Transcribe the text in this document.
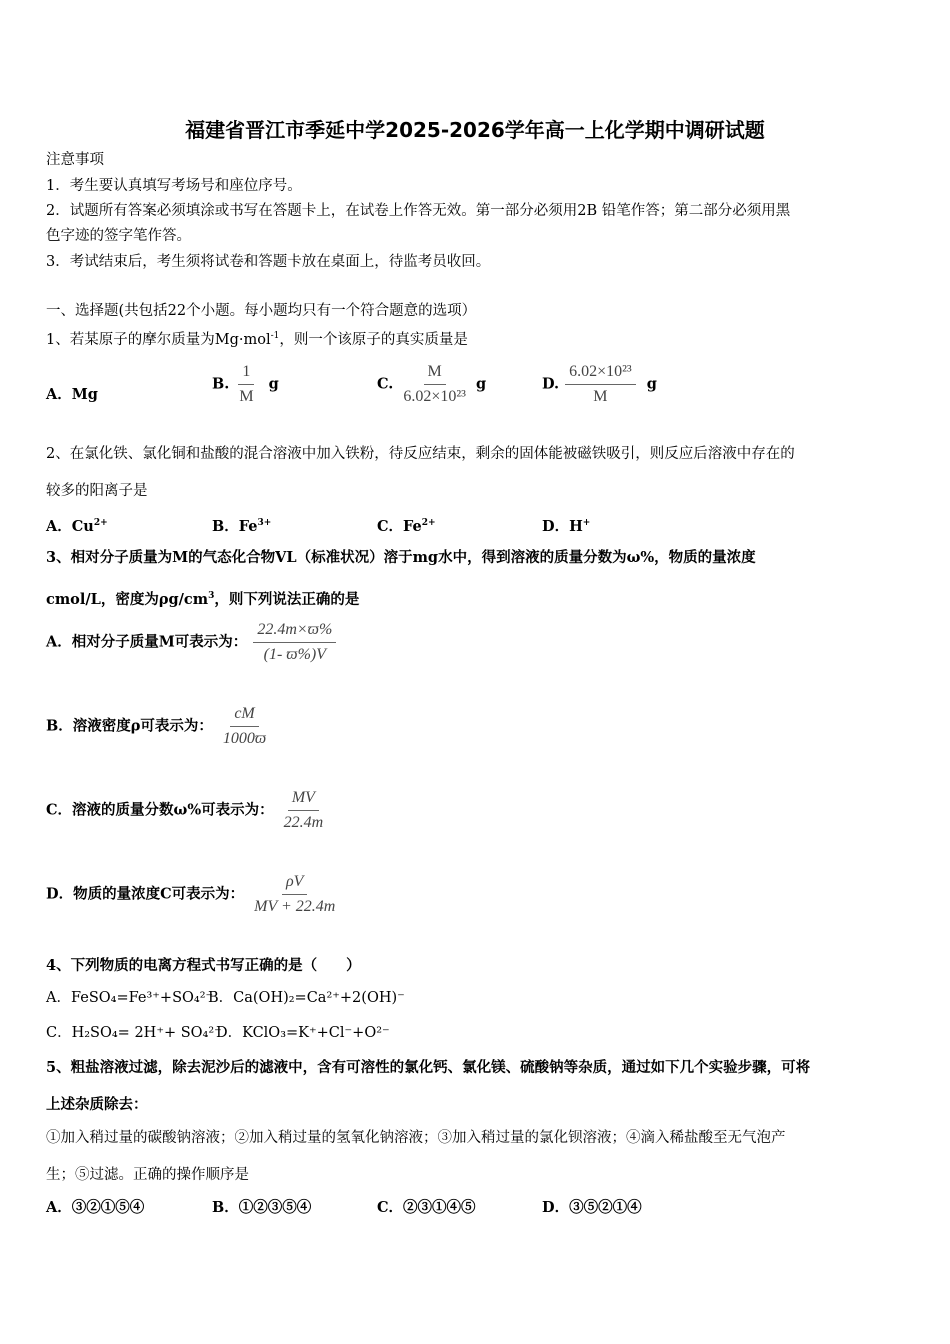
福建省晋江市季延中学2025-2026学年高一上化学期中调研试题
注意事项
1．考生要认真填写考场号和座位序号。
2．试题所有答案必须填涂或书写在答题卡上，在试卷上作答无效。第一部分必须用2B 铅笔作答；第二部分必须用黑
色字迹的签字笔作答。
3．考试结束后，考生须将试卷和答题卡放在桌面上，待监考员收回。
一、选择题(共包括22个小题。每小题均只有一个符合题意的选项）
1、若某原子的摩尔质量为Mg·mol$^{-1}$，则一个该原子的真实质量是
A．Mg
B. $\frac{1}{M}$ g	C. $\frac{M}{\text{6.02×10²³}}$ g	D. $\frac{\text{6.02×10²³}}{M}$ g
2、在氯化铁、氯化铜和盐酸的混合溶液中加入铁粉，待反应结束，剩余的固体能被磁铁吸引，则反应后溶液中存在的
较多的阳离子是
A．$Cu^{2+}$	B．$Fe^{3+}$	C．$Fe^{2+}$	D．H+
3、相对分子质量为M的气态化合物VL（标准状况）溶于mg水中，得到溶液的质量分数为ω%，物质的量浓度
cmol/L，密度为$\rho g/cm^3$，则下列说法正确的是
A．相对分子质量M可表示为： $\frac{22.4m\times ϖ\%}{(1- ϖ\%)V}$
B．溶液密度ρ可表示为： $\frac{cM}{1000ϖ}$
C．溶液的质量分数ω%可表示为： $\frac{MV}{22.4m}$
D．物质的量浓度C可表示为： $\frac{\rho V}{MV + 22.4m}$
4、下列物质的电离方程式书写正确的是（　　）
A．FeSO₄=Fe³⁺+SO₄²⁻
B．Ca(OH)₂=Ca²⁺+2(OH)⁻
C．H₂SO₄= 2H⁺+ SO₄²⁻
D．KClO₃=K⁺+Cl⁻+O²⁻
5、粗盐溶液过滤，除去泥沙后的滤液中，含有可溶性的氯化钙、氯化镁、硫酸钠等杂质，通过如下几个实验步骤，可将
上述杂质除去：
①加入稍过量的碳酸钠溶液；②加入稍过量的氢氧化钠溶液；③加入稍过量的氯化钡溶液；④滴入稀盐酸至无气泡产
生；⑤过滤。正确的操作顺序是
A．③②①⑤④	B．①②③⑤④	C．②③①④⑤	D．③⑤②①④
